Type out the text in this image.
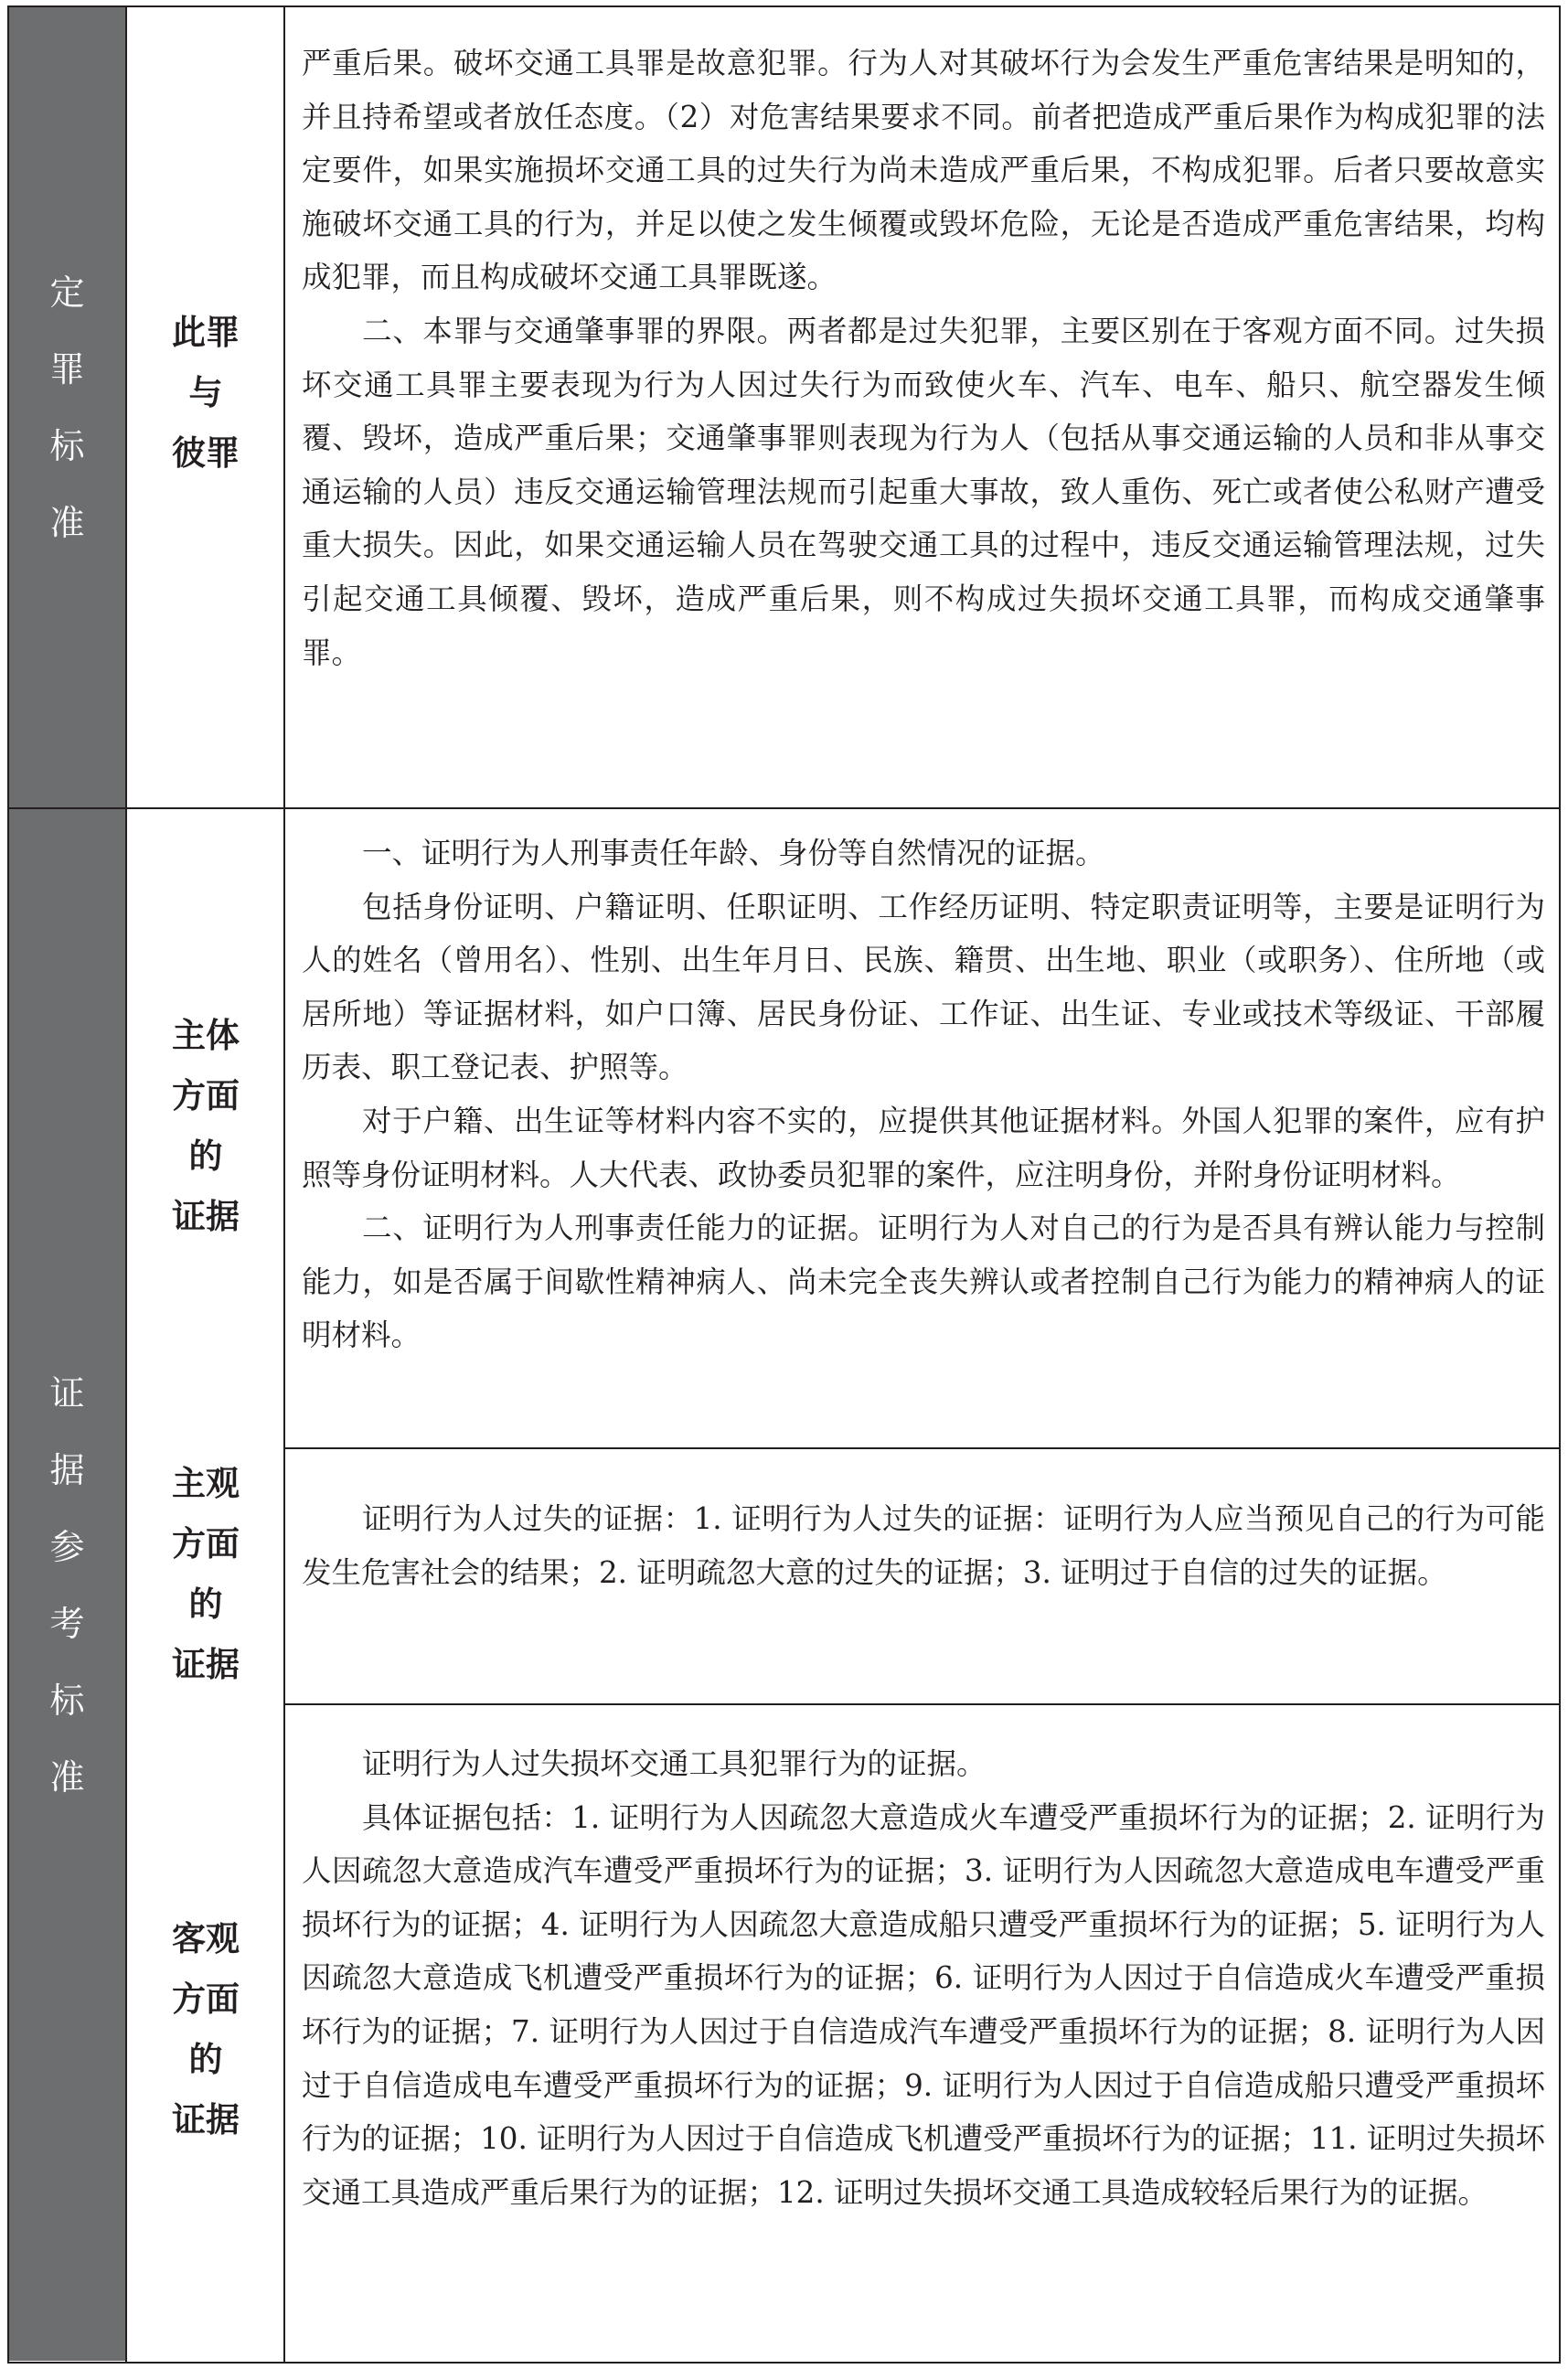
定
罪
标
准
此罪
与
彼罪

严重后果。破坏交通工具罪是故意犯罪。行为人对其破坏行为会发生严重危害结果是明知的，并且持希望或者放任态度。（2）对危害结果要求不同。前者把造成严重后果作为构成犯罪的法定要件，如果实施损坏交通工具的过失行为尚未造成严重后果，不构成犯罪。后者只要故意实施破坏交通工具的行为，并足以使之发生倾覆或毁坏危险，无论是否造成严重危害结果，均构成犯罪，而且构成破坏交通工具罪既遂。

二、本罪与交通肇事罪的界限。两者都是过失犯罪，主要区别在于客观方面不同。过失损坏交通工具罪主要表现为行为人因过失行为而致使火车、汽车、电车、船只、航空器发生倾覆、毁坏，造成严重后果；交通肇事罪则表现为行为人（包括从事交通运输的人员和非从事交通运输的人员）违反交通运输管理法规而引起重大事故，致人重伤、死亡或者使公私财产遭受重大损失。因此，如果交通运输人员在驾驶交通工具的过程中，违反交通运输管理法规，过失引起交通工具倾覆、毁坏，造成严重后果，则不构成过失损坏交通工具罪，而构成交通肇事罪。

证
据
参
考
标
准
主体
方面
的
证据

一、证明行为人刑事责任年龄、身份等自然情况的证据。

包括身份证明、户籍证明、任职证明、工作经历证明、特定职责证明等，主要是证明行为人的姓名（曾用名）、性别、出生年月日、民族、籍贯、出生地、职业（或职务）、住所地（或居所地）等证据材料，如户口簿、居民身份证、工作证、出生证、专业或技术等级证、干部履历表、职工登记表、护照等。

对于户籍、出生证等材料内容不实的，应提供其他证据材料。外国人犯罪的案件，应有护照等身份证明材料。人大代表、政协委员犯罪的案件，应注明身份，并附身份证明材料。

二、证明行为人刑事责任能力的证据。证明行为人对自己的行为是否具有辨认能力与控制能力，如是否属于间歇性精神病人、尚未完全丧失辨认或者控制自己行为能力的精神病人的证明材料。

主观
方面
的
证据

证明行为人过失的证据：1. 证明行为人过失的证据：证明行为人应当预见自己的行为可能发生危害社会的结果；2. 证明疏忽大意的过失的证据；3. 证明过于自信的过失的证据。

客观
方面
的
证据

证明行为人过失损坏交通工具犯罪行为的证据。

具体证据包括：1. 证明行为人因疏忽大意造成火车遭受严重损坏行为的证据；2. 证明行为人因疏忽大意造成汽车遭受严重损坏行为的证据；3. 证明行为人因疏忽大意造成电车遭受严重损坏行为的证据；4. 证明行为人因疏忽大意造成船只遭受严重损坏行为的证据；5. 证明行为人因疏忽大意造成飞机遭受严重损坏行为的证据；6. 证明行为人因过于自信造成火车遭受严重损坏行为的证据；7. 证明行为人因过于自信造成汽车遭受严重损坏行为的证据；8. 证明行为人因过于自信造成电车遭受严重损坏行为的证据；9. 证明行为人因过于自信造成船只遭受严重损坏行为的证据；10. 证明行为人因过于自信造成飞机遭受严重损坏行为的证据；11. 证明过失损坏交通工具造成严重后果行为的证据；12. 证明过失损坏交通工具造成较轻后果行为的证据。
